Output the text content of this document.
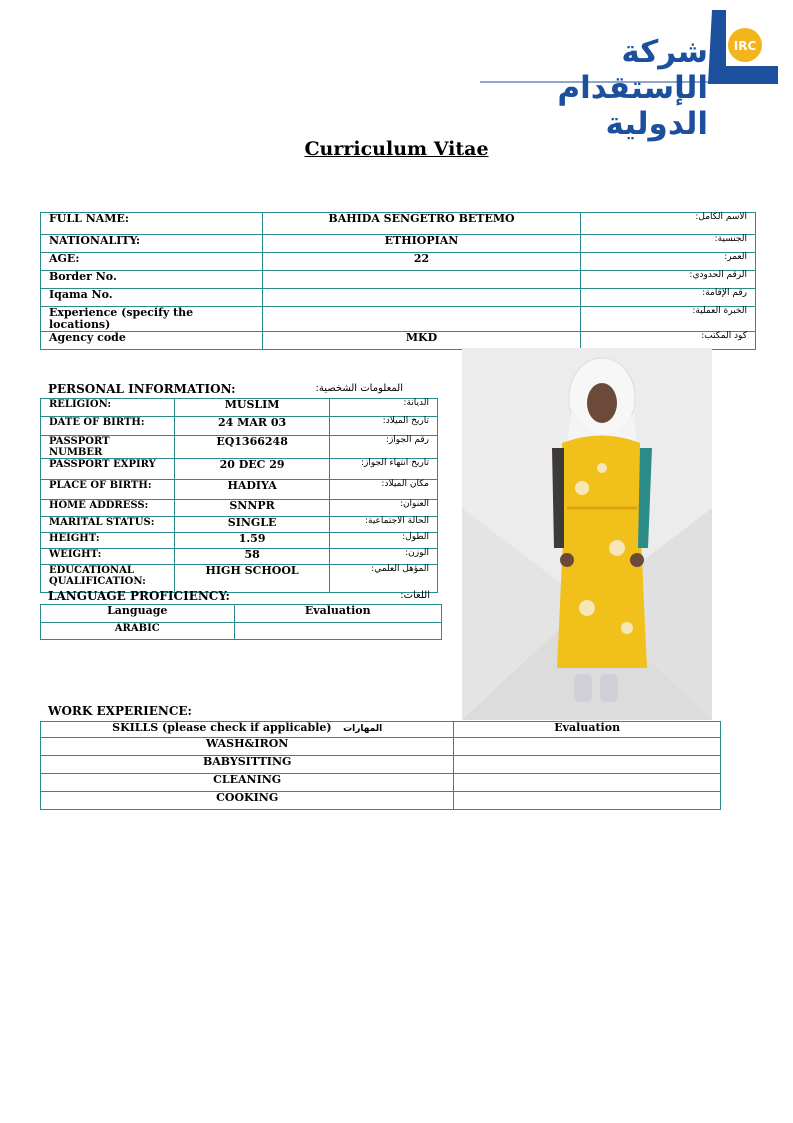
شركة الإستقدام الدولية
IRC
Curriculum Vitae
FULL NAME:	BAHIDA SENGETRO BETEMO	الاسم الكامل:
NATIONALITY:	ETHIOPIAN	الجنسية:
AGE:	22	العمر:
Border No.		الرقم الحدودي:
Iqama No.		رقم الإقامة:
Experience (specify the locations)		الخبرة العملية:
Agency code	MKD	كود المكتب:
PERSONAL INFORMATION:	المعلومات الشخصية:
RELIGION:	MUSLIM	الديانة:
DATE OF BIRTH:	24 MAR 03	تاريخ الميلاد:
PASSPORT NUMBER	EQ1366248	رقم الجواز:
PASSPORT EXPIRY	20 DEC 29	تاريخ انتهاء الجواز:
PLACE OF BIRTH:	HADIYA	مكان الميلاد:
HOME ADDRESS:	SNNPR	العنوان:
MARITAL STATUS:	SINGLE	الحالة الاجتماعية:
HEIGHT:	1.59	الطول:
WEIGHT:	58	الوزن:
EDUCATIONAL QUALIFICATION:	HIGH SCHOOL	المؤهل العلمي:
LANGUAGE PROFICIENCY:	اللغات:
Language	Evaluation
ARABIC	
WORK EXPERIENCE:
SKILLS (please check if applicable) المهارات	Evaluation
WASH&IRON	
BABYSITTING	
CLEANING	
COOKING	
